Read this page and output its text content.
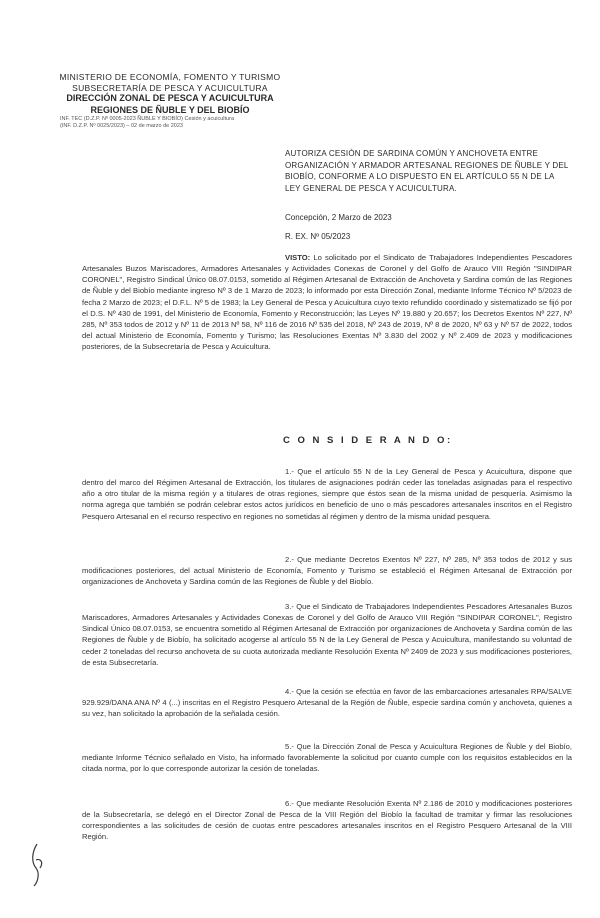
MINISTERIO DE ECONOMÍA, FOMENTO Y TURISMO
SUBSECRETARÍA DE PESCA Y ACUICULTURA
DIRECCIÓN ZONAL DE PESCA Y ACUICULTURA
REGIONES DE ÑUBLE Y DEL BIOBÍO
INF. TEC (D.Z.P. Nº 0005-2023 ÑUBLE Y BIOBÍO) Cesión y acuicultura
(INF. D.Z.P. Nº 0025/2023) – 02 de marzo de 2023
AUTORIZA CESIÓN DE SARDINA COMÚN Y ANCHOVETA ENTRE ORGANIZACIÓN Y ARMADOR ARTESANAL REGIONES DE ÑUBLE Y DEL BIOBÍO, CONFORME A LO DISPUESTO EN EL ARTÍCULO 55 N DE LA LEY GENERAL DE PESCA Y ACUICULTURA.
Concepción, 2 Marzo de 2023
R. EX. Nº 05/2023
VISTO: Lo solicitado por el Sindicato de Trabajadores Independientes Pescadores Artesanales Buzos Mariscadores, Armadores Artesanales y Actividades Conexas de Coronel y del Golfo de Arauco VIII Región "SINDIPAR CORONEL", Registro Sindical Único 08.07.0153, sometido al Régimen Artesanal de Extracción de Anchoveta y Sardina común de las Regiones de Ñuble y del Biobío mediante ingreso Nº 3 de 1 Marzo de 2023; lo informado por esta Dirección Zonal, mediante Informe Técnico Nº 5/2023 de fecha 2 Marzo de 2023; el D.F.L. Nº 5 de 1983; la Ley General de Pesca y Acuicultura cuyo texto refundido coordinado y sistematizado se fijó por el D.S. Nº 430 de 1991, del Ministerio de Economía, Fomento y Reconstrucción; las Leyes Nº 19.880 y 20.657; los Decretos Exentos Nº 227, Nº 285, Nº 353 todos de 2012 y Nº 11 de 2013 Nº 58, Nº 116 de 2016 Nº 535 del 2018, Nº 243 de 2019, Nº 8 de 2020, Nº 63 y Nº 57 de 2022, todos del actual Ministerio de Economía, Fomento y Turismo; las Resoluciones Exentas Nº 3.830 del 2002 y Nº 2.409 de 2023 y modificaciones posteriores, de la Subsecretaría de Pesca y Acuicultura.
C O N S I D E R A N D O:
1.- Que el artículo 55 N de la Ley General de Pesca y Acuicultura, dispone que dentro del marco del Régimen Artesanal de Extracción, los titulares de asignaciones podrán ceder las toneladas asignadas para el respectivo año a otro titular de la misma región y a titulares de otras regiones, siempre que éstos sean de la misma unidad de pesquería. Asimismo la norma agrega que también se podrán celebrar estos actos jurídicos en beneficio de uno o más pescadores artesanales inscritos en el Registro Pesquero Artesanal en el recurso respectivo en regiones no sometidas al régimen y dentro de la misma unidad pesquera.
2.- Que mediante Decretos Exentos Nº 227, Nº 285, Nº 353 todos de 2012 y sus modificaciones posteriores, del actual Ministerio de Economía, Fomento y Turismo se estableció el Régimen Artesanal de Extracción por organizaciones de Anchoveta y Sardina común de las Regiones de Ñuble y del Biobío.
3.- Que el Sindicato de Trabajadores Independientes Pescadores Artesanales Buzos Mariscadores, Armadores Artesanales y Actividades Conexas de Coronel y del Golfo de Arauco VIII Región "SINDIPAR CORONEL", Registro Sindical Único 08.07.0153, se encuentra sometido al Régimen Artesanal de Extracción por organizaciones de Anchoveta y Sardina común de las Regiones de Ñuble y de Biobío, ha solicitado acogerse al artículo 55 N de la Ley General de Pesca y Acuicultura, manifestando su voluntad de ceder 2 toneladas del recurso anchoveta de su cuota autorizada mediante Resolución Exenta Nº 2409 de 2023 y sus modificaciones posteriores, de esta Subsecretaría.
4.- Que la cesión se efectúa en favor de las embarcaciones artesanales RPA/SALVE 929.929/DANA ANA Nº 4 (...) inscritas en el Registro Pesquero Artesanal de la Región de Ñuble, especie sardina común y anchoveta, quienes a su vez, han solicitado la aprobación de la señalada cesión.
5.- Que la Dirección Zonal de Pesca y Acuicultura Regiones de Ñuble y del Biobío, mediante Informe Técnico señalado en Visto, ha informado favorablemente la solicitud por cuanto cumple con los requisitos establecidos en la citada norma, por lo que corresponde autorizar la cesión de toneladas.
6.- Que mediante Resolución Exenta Nº 2.186 de 2010 y modificaciones posteriores de la Subsecretaría, se delegó en el Director Zonal de Pesca de la VIII Región del Biobío la facultad de tramitar y firmar las resoluciones correspondientes a las solicitudes de cesión de cuotas entre pescadores artesanales inscritos en el Registro Pesquero Artesanal de la VIII Región.
